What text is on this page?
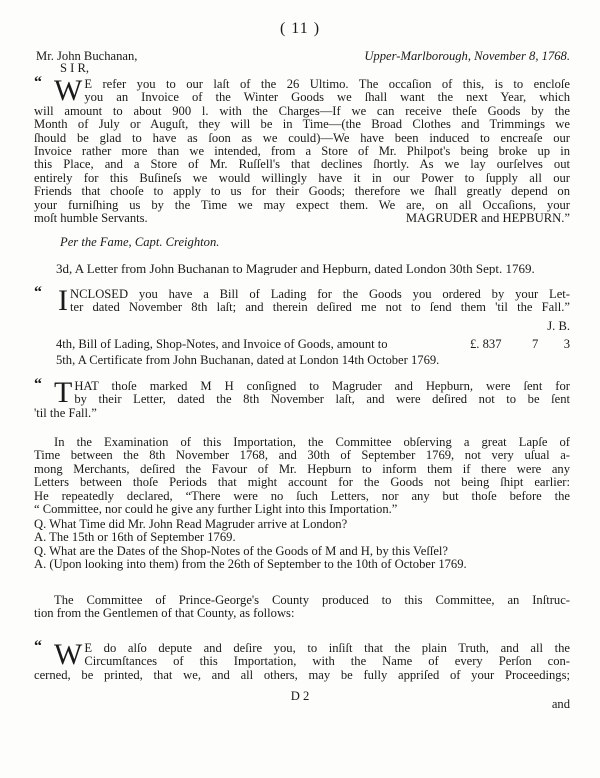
( 11 )
Mr. John Buchanan,	Upper-Marlborough, November 8, 1768.
S I R,
“ W E refer you to our laſt of the 26 Ultimo. The occaſion of this, is to encloſe
you an Invoice of the Winter Goods we ſhall want the next Year, which
will amount to about 900 l. with the Charges—If we can receive theſe Goods by the
Month of July or Auguſt, they will be in Time—(the Broad Clothes and Trimmings we
ſhould be glad to have as ſoon as we could)—We have been induced to encreaſe our
Invoice rather more than we intended, from a Store of Mr. Philpot's being broke up in
this Place, and a Store of Mr. Ruſſell's that declines ſhortly. As we lay ourſelves out
entirely for this Buſineſs we would willingly have it in our Power to ſupply all our
Friends that chooſe to apply to us for their Goods; therefore we ſhall greatly depend on
your furniſhing us by the Time we may expect them. We are, on all Occaſions, your
moſt humble Servants.	MAGRUDER and HEPBURN.”
Per the Fame, Capt. Creighton.
3d, A Letter from John Buchanan to Magruder and Hepburn, dated London 30th Sept. 1769.
“ I NCLOSED you have a Bill of Lading for the Goods you ordered by your Let-
ter dated November 8th laſt; and therein deſired me not to ſend them 'til the Fall.”
J. B.
4th, Bill of Lading, Shop-Notes, and Invoice of Goods, amount to	£. 837 7 3
5th, A Certificate from John Buchanan, dated at London 14th October 1769.
“ T HAT thoſe marked M H conſigned to Magruder and Hepburn, were ſent for
by their Letter, dated the 8th November laſt, and were deſired not to be ſent
'til the Fall.”
In the Examination of this Importation, the Committee obſerving a great Lapſe of
Time between the 8th November 1768, and 30th of September 1769, not very uſual a-
mong Merchants, deſired the Favour of Mr. Hepburn to inform them if there were any
Letters between thoſe Periods that might account for the Goods not being ſhipt earlier:
He repeatedly declared, “There were no ſuch Letters, nor any but thoſe before the
“ Committee, nor could he give any further Light into this Importation.”
Q. What Time did Mr. John Read Magruder arrive at London?
A. The 15th or 16th of September 1769.
Q. What are the Dates of the Shop-Notes of the Goods of M and H, by this Veſſel?
A. (Upon looking into them) from the 26th of September to the 10th of October 1769.
The Committee of Prince-George's County produced to this Committee, an Inſtruc-
tion from the Gentlemen of that County, as follows:
“ W E do alſo depute and deſire you, to inſiſt that the plain Truth, and all the
Circumſtances of this Importation, with the Name of every Perſon con-
cerned, be printed, that we, and all others, may be fully appriſed of your Proceedings;
D 2
and
